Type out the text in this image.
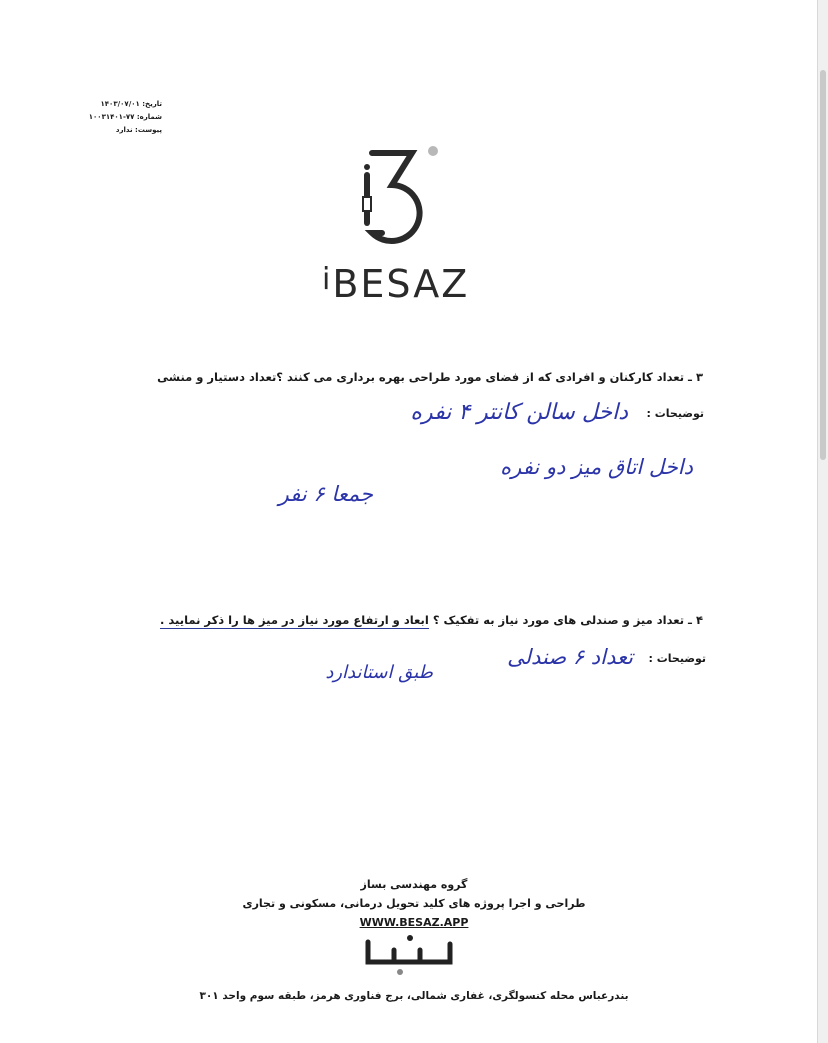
تاریخ: ۱۴۰۳/۰۷/۰۱
شماره: ۷۷-۱۰۰۳۱۴۰۱
پیوست: ندارد
$^i$BESAZ
۳ ـ تعداد کارکنان و افرادی که از فضای مورد طراحی بهره برداری می کنند ؟تعداد دستیار و منشی
توضیحات :
داخل سالن کانتر ۴ نفره
داخل اتاق میز دو نفره
جمعا ۶ نفر
۴ ـ تعداد میز و صندلی های مورد نیاز به تفکیک ؟ ابعاد و ارتفاع مورد نیاز در میز ها را ذکر نمایید .
توضیحات :
تعداد ۶ صندلی
طبق استاندارد
گروه مهندسی بساز
طراحی و اجرا پروژه های کلید تحویل درمانی، مسکونی و تجاری
WWW.BESAZ.APP
بندرعباس محله کنسولگری، غفاری شمالی، برج فناوری هرمز، طبقه سوم واحد ۳۰۱
